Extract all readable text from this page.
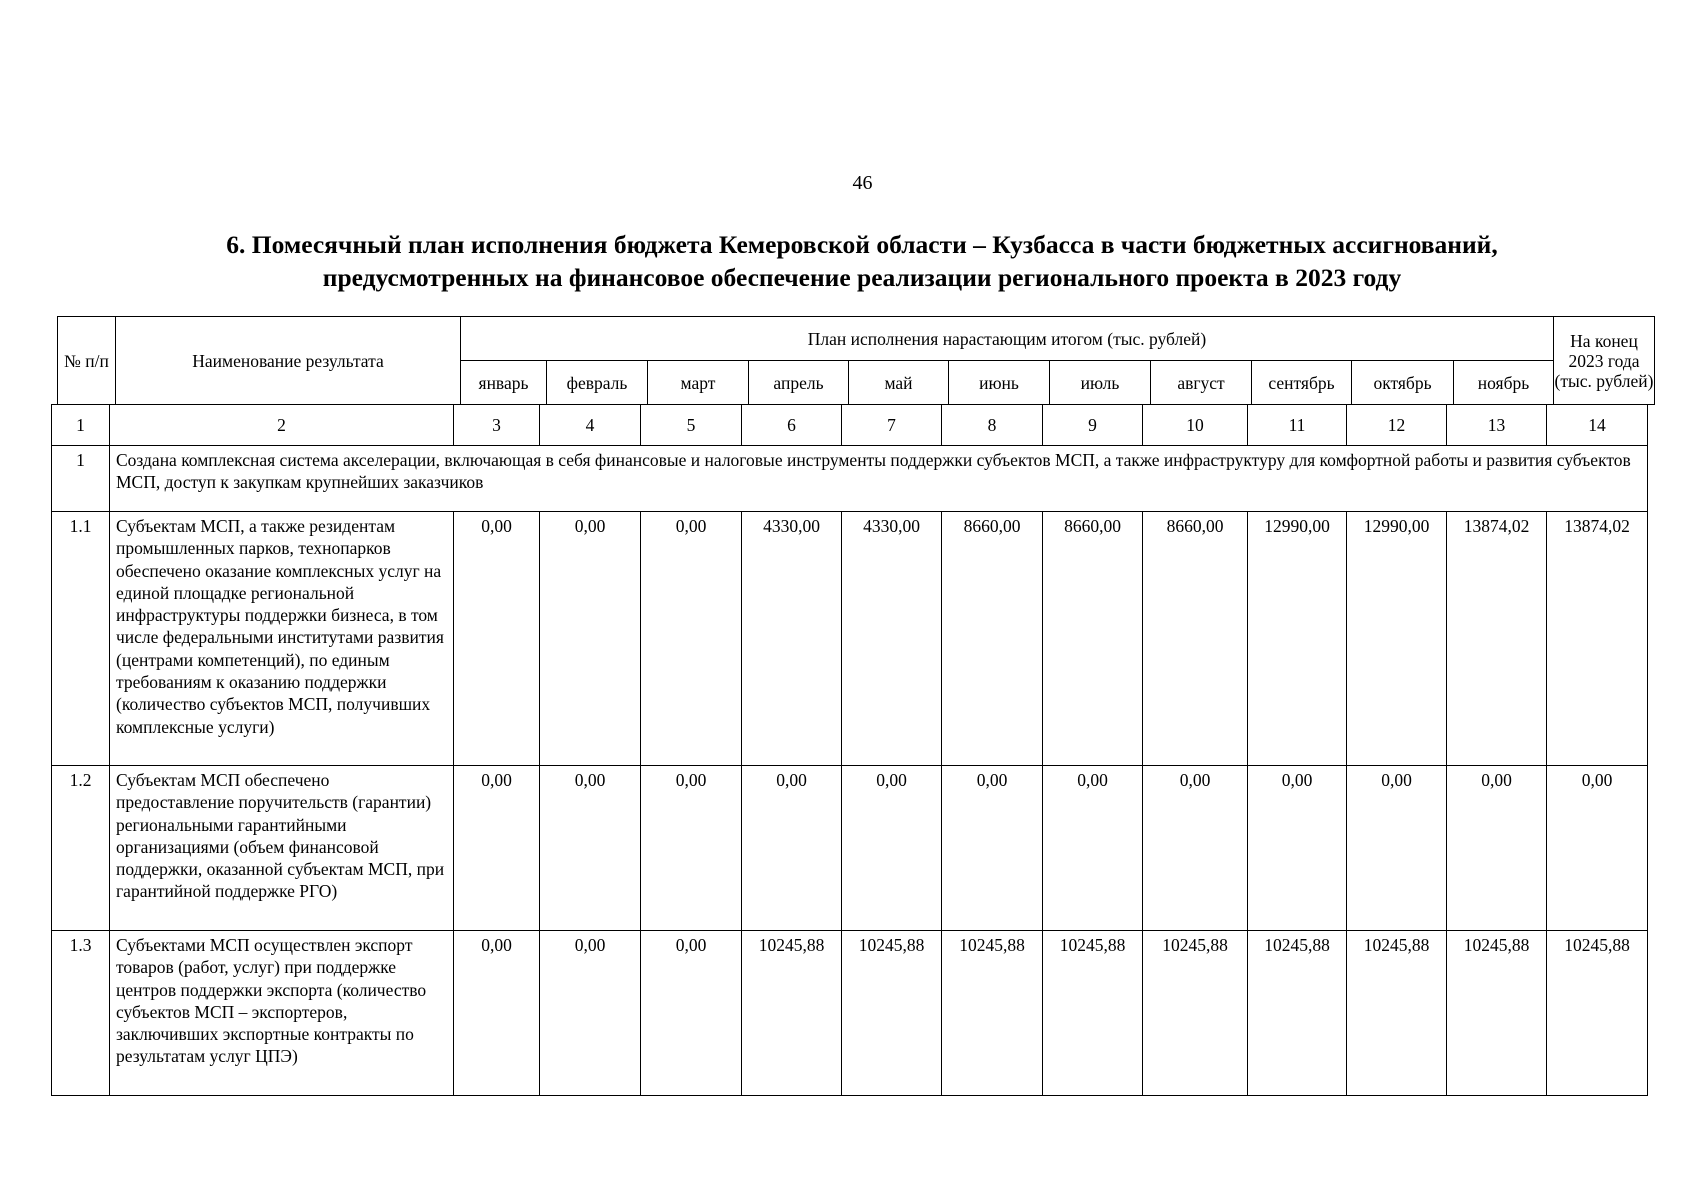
46
6. Помесячный план исполнения бюджета Кемеровской области – Кузбасса в части бюджетных ассигнований,
предусмотренных на финансовое обеспечение реализации регионального проекта в 2023 году
№ п/п	Наименование результата	План исполнения нарастающим итогом (тыс. рублей)											На конец 2023 года (тыс. рублей)
		январь	февраль	март	апрель	май	июнь	июль	август	сентябрь	октябрь	ноябрь	
1	2	3	4	5	6	7	8	9	10	11	12	13	14
1	Создана комплексная система акселерации, включающая в себя финансовые и налоговые инструменты поддержки субъектов МСП, а также инфраструктуру для комфортной работы и развития субъектов МСП, доступ к закупкам крупнейших заказчиков												
1.1	Субъектам МСП, а также резидентам промышленных парков, технопарков обеспечено оказание комплексных услуг на единой площадке региональной инфраструктуры поддержки бизнеса, в том числе федеральными институтами развития (центрами компетенций), по единым требованиям к оказанию поддержки (количество субъектов МСП, получивших комплексные услуги)	0,00	0,00	0,00	4330,00	4330,00	8660,00	8660,00	8660,00	12990,00	12990,00	13874,02	13874,02
1.2	Субъектам МСП обеспечено предоставление поручительств (гарантии) региональными гарантийными организациями (объем финансовой поддержки, оказанной субъектам МСП, при гарантийной поддержке РГО)	0,00	0,00	0,00	0,00	0,00	0,00	0,00	0,00	0,00	0,00	0,00	0,00
1.3	Субъектами МСП осуществлен экспорт товаров (работ, услуг) при поддержке центров поддержки экспорта (количество субъектов МСП – экспортеров, заключивших экспортные контракты по результатам услуг ЦПЭ)	0,00	0,00	0,00	10245,88	10245,88	10245,88	10245,88	10245,88	10245,88	10245,88	10245,88	10245,88
